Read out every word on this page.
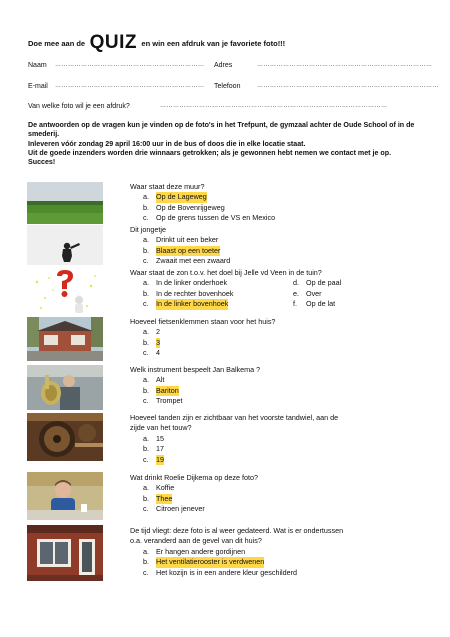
Doe mee aan de QUIZ en win een afdruk van je favoriete foto!!!
Naam …………………………………………………………… Adres	………………………………………………………………………
E-mail …………………………………………………………… Telefoon	…………………………………………………………………………
Van welke foto wil je een afdruk?	……………………………………………………………………………………………
De antwoorden op de vragen kun je vinden op de foto's in het Trefpunt, de gymzaal achter de Oude School of in de smederij.
Inleveren vóór zondag 29 april 16:00 uur in de bus of doos die in elke locatie staat.
Uit de goede inzenders worden drie winnaars getrokken; als je gewonnen hebt nemen we contact met je op.
Succes!
Waar staat deze muur?
a. Op de Lageweg
b. Op de Bovenrijgeweg
c. Op de grens tussen de VS en Mexico
Dit jongetje
a. Drinkt uit een beker
b. Blaast op een toeter
c. Zwaait met een zwaard
Waar staat de zon t.o.v. het doel bij Jelle vd Veen in de tuin?
a. In de linker onderhoek	d. Op de paal
b. In de rechter bovenhoek	e. Over
c. In de linker bovenhoek	f. Op de lat
Hoeveel fietsenklemmen staan voor het huis?
a. 2
b. 3
c. 4
Welk instrument bespeelt Jan Balkema ?
a. Alt
b. Bariton
c. Trompet
Hoeveel tanden zijn er zichtbaar van het voorste tandwiel, aan de
zijde van het touw?
a. 15
b. 17
c. 19
Wat drinkt Roelie Dijkema op deze foto?
a. Koffie
b. Thee
c. Citroen jenever
De tijd vliegt: deze foto is al weer gedateerd. Wat is er ondertussen
o.a. veranderd aan de gevel van dit huis?
a. Er hangen andere gordijnen
b. Het ventilatierooster is verdwenen
c. Het kozijn is in een andere kleur geschilderd
